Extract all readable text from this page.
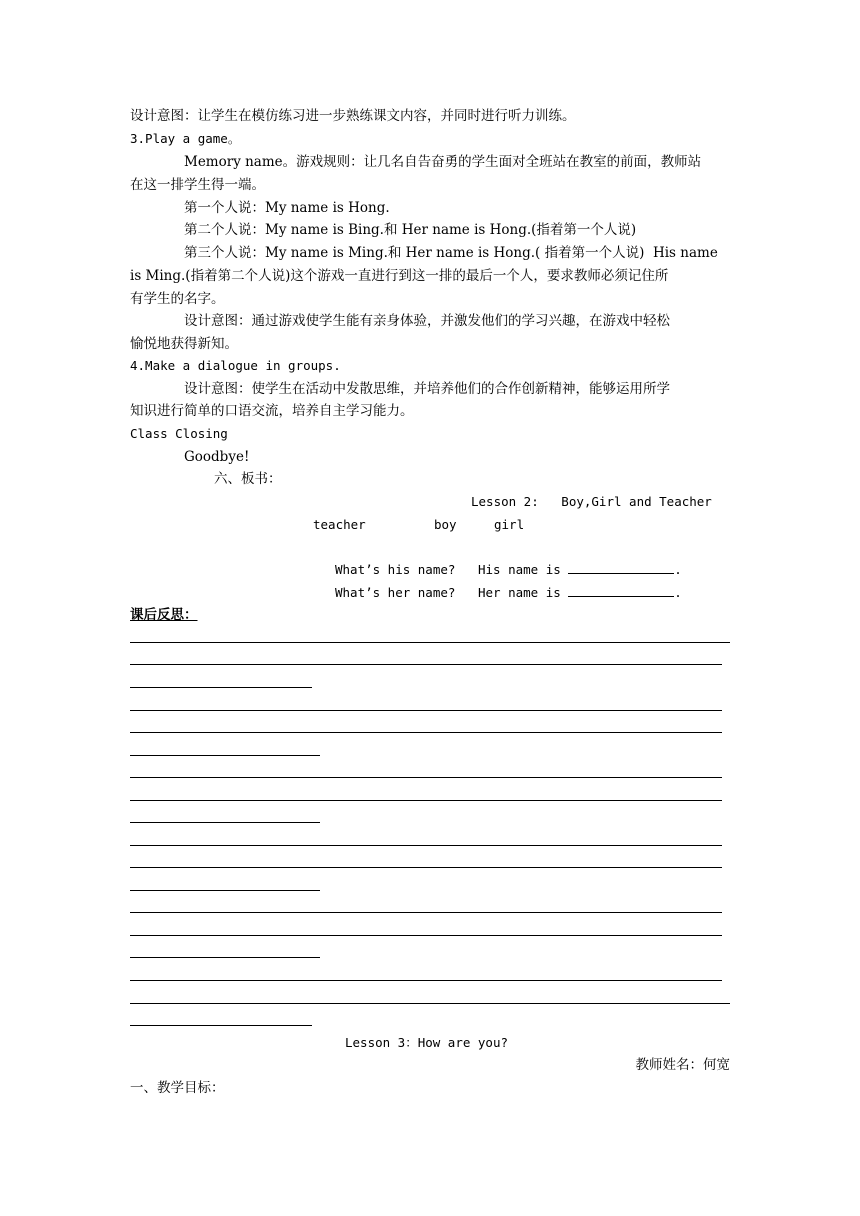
设计意图：让学生在模仿练习进一步熟练课文内容，并同时进行听力训练。
3.Play a game。
Memory name。游戏规则：让几名自告奋勇的学生面对全班站在教室的前面，教师站
在这一排学生得一端。
第一个人说：My name is Hong.
第二个人说：My name is Bing.和 Her name is Hong.(指着第一个人说)
第三个人说：My name is Ming.和 Her name is Hong.( 指着第一个人说)  His name
is Ming.(指着第二个人说)这个游戏一直进行到这一排的最后一个人，要求教师必须记住所
有学生的名字。
设计意图：通过游戏使学生能有亲身体验，并激发他们的学习兴趣，在游戏中轻松
愉悦地获得新知。
4.Make a dialogue in groups.
设计意图：使学生在活动中发散思维，并培养他们的合作创新精神，能够运用所学
知识进行简单的口语交流，培养自主学习能力。
Class Closing
Goodbye!
六、板书：
Lesson 2:   Boy,Girl and Teacher
teacher	boy	girl
What’s his name?   His name is	.
What’s her name?   Her name is	.
课后反思：
Lesson 3：How are you?
教师姓名：何宽
一、教学目标：
